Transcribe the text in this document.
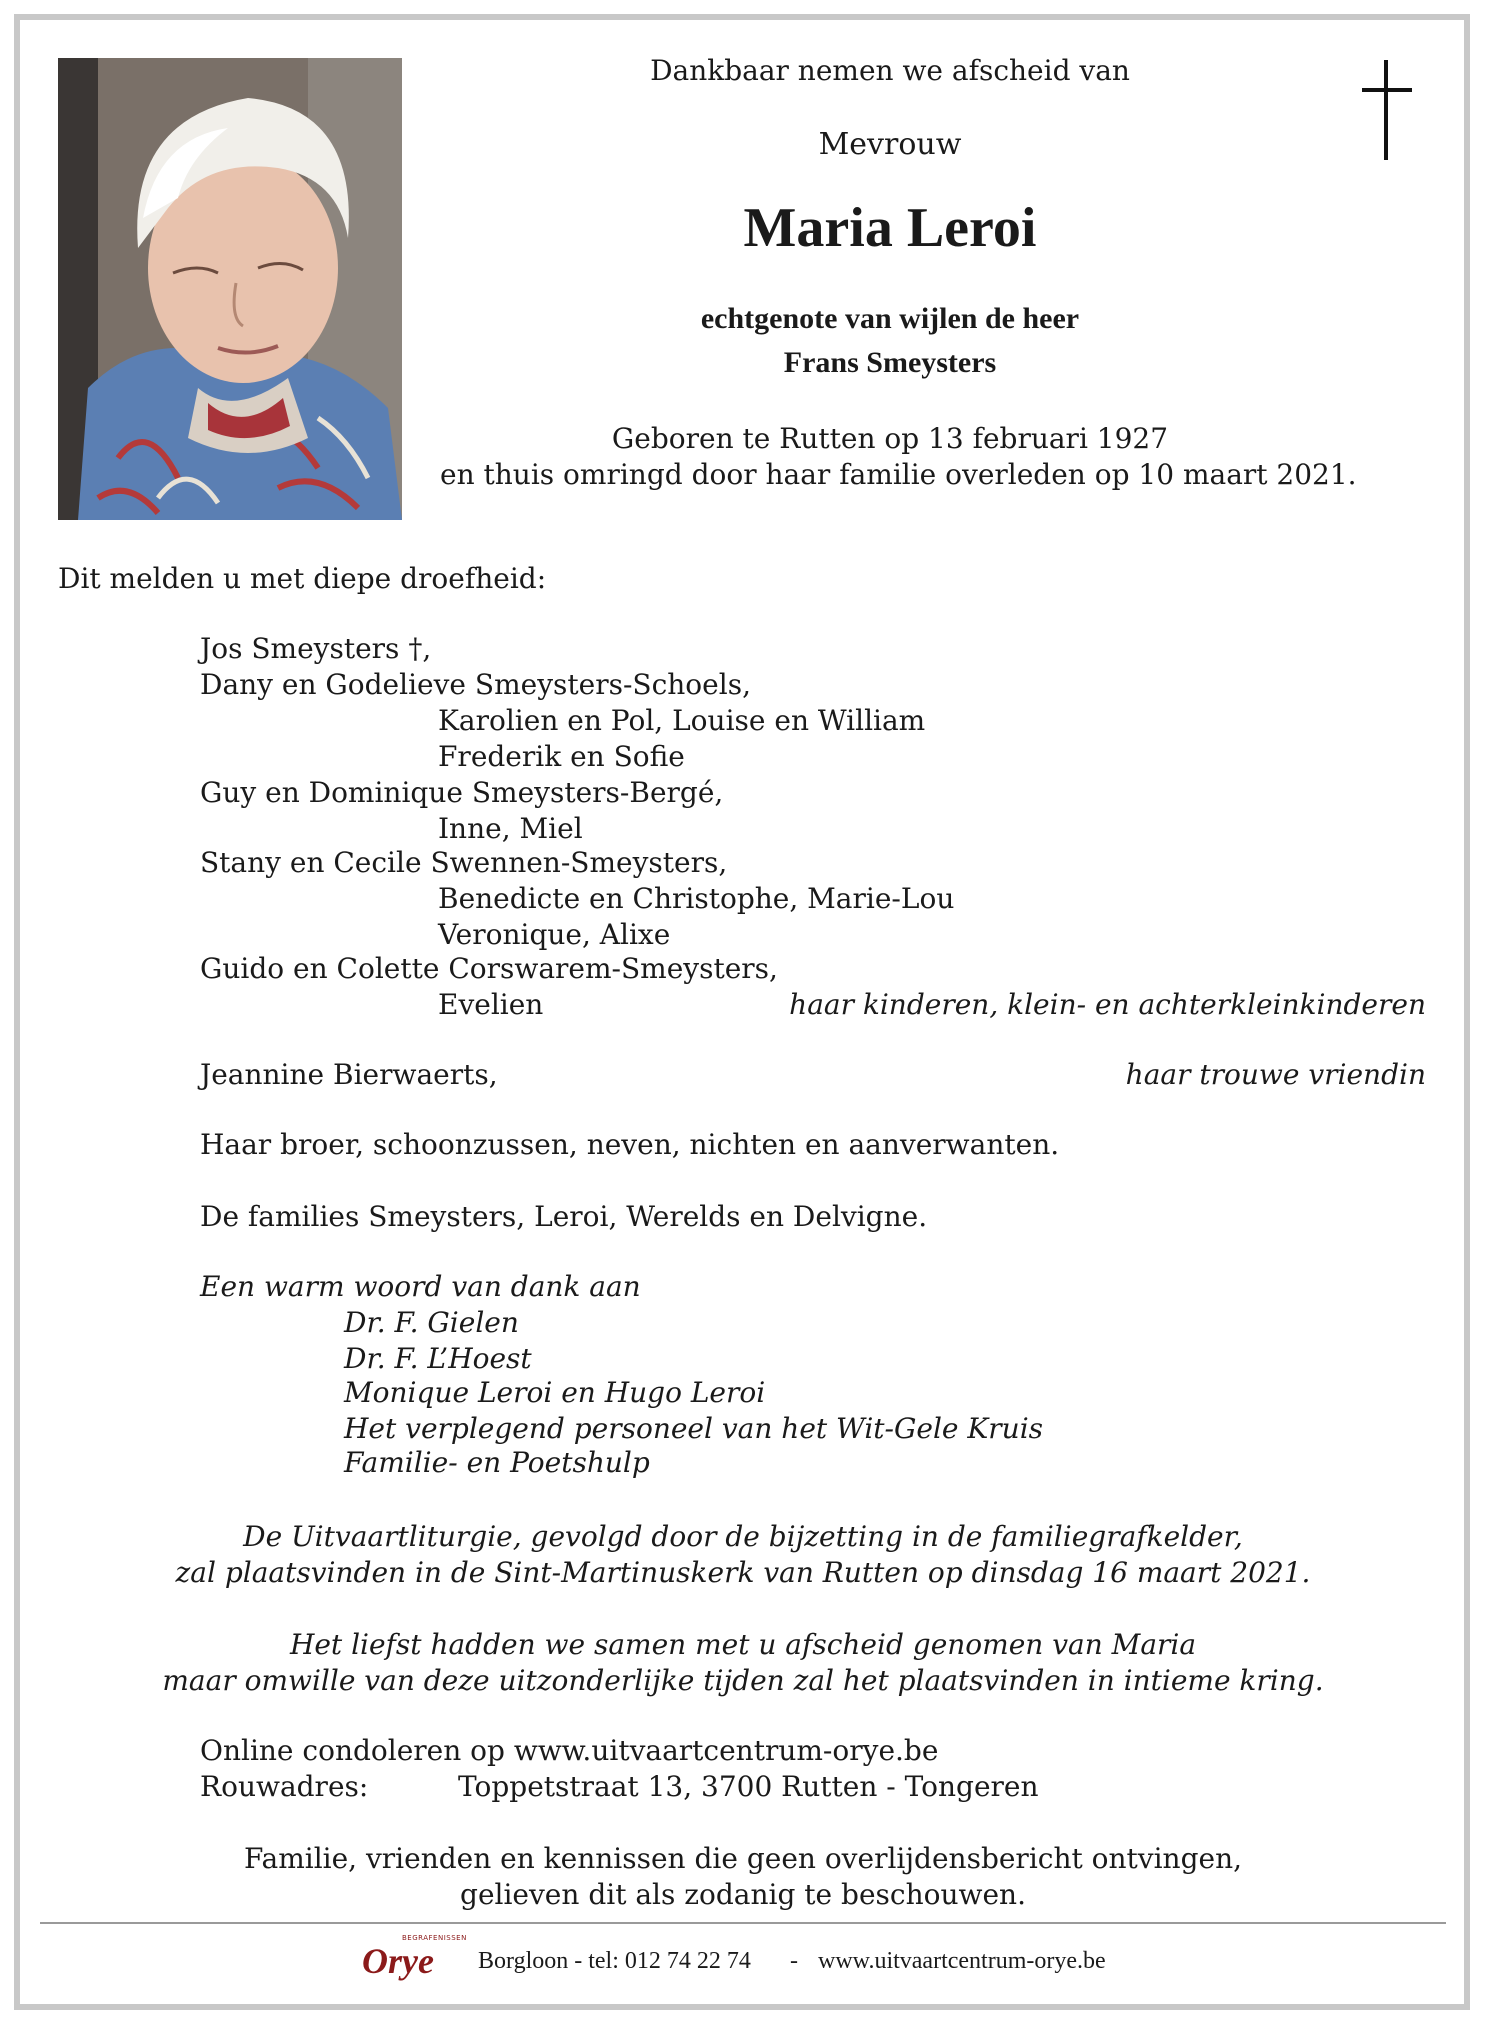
Dankbaar nemen we afscheid van
Mevrouw
Maria Leroi
echtgenote van wijlen de heer
Frans Smeysters
Geboren te Rutten op 13 februari 1927
en thuis omringd door haar familie overleden op 10 maart 2021.
Dit melden u met diepe droefheid:
Jos Smeysters †,
Dany en Godelieve Smeysters-Schoels,
Karolien en Pol, Louise en William
Frederik en Sofie
Guy en Dominique Smeysters-Bergé,
Inne, Miel
Stany en Cecile Swennen-Smeysters,
Benedicte en Christophe, Marie-Lou
Veronique, Alixe
Guido en Colette Corswarem-Smeysters,
Evelien	haar kinderen, klein- en achterkleinkinderen
Jeannine Bierwaerts,	haar trouwe vriendin
Haar broer, schoonzussen, neven, nichten en aanverwanten.
De families Smeysters, Leroi, Werelds en Delvigne.
Een warm woord van dank aan
Dr. F. Gielen
Dr. F. L’Hoest
Monique Leroi en Hugo Leroi
Het verplegend personeel van het Wit-Gele Kruis
Familie- en Poetshulp
De Uitvaartliturgie, gevolgd door de bijzetting in de familiegrafkelder,
zal plaatsvinden in de Sint-Martinuskerk van Rutten op dinsdag 16 maart 2021.
Het liefst hadden we samen met u afscheid genomen van Maria
maar omwille van deze uitzonderlijke tijden zal het plaatsvinden in intieme kring.
Online condoleren op www.uitvaartcentrum-orye.be
Rouwadres:	Toppetstraat 13, 3700 Rutten - Tongeren
Familie, vrienden en kennissen die geen overlijdensbericht ontvingen,
gelieven dit als zodanig te beschouwen.
BEGRAFENISSEN
Orye Borgloon - tel: 012 74 22 74 - www.uitvaartcentrum-orye.be
